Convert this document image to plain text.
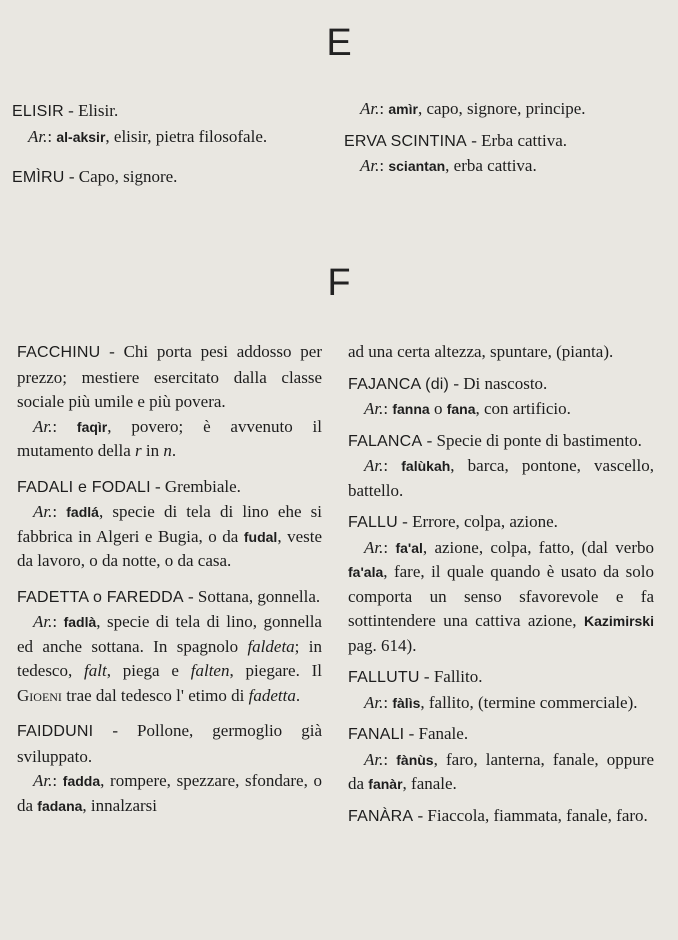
E

ELISIR - Elisir.

Ar.: al-aksir, elisir, pietra filosofale.

EMÌRU - Capo, signore.

Ar.: amìr, capo, signore, principe.

ERVA SCINTINA - Erba cattiva.

Ar.: sciantan, erba cattiva.

F

FACCHINU - Chi porta pesi addosso per prezzo; mestiere esercitato dalla classe sociale più umile e più povera.

Ar.: faqìr, povero; è avvenuto il mutamento della r in n.

FADALI e FODALI - Grembiale.

Ar.: fadlá, specie di tela di lino ehe si fabbrica in Algeri e Bugia, o da fudal, veste da lavoro, o da notte, o da casa.

FADETTA o FAREDDA - Sottana, gonnella.

Ar.: fadlà, specie di tela di lino, gonnella ed anche sottana. In spagnolo faldeta; in tedesco, falt, piega e falten, piegare. Il Gioeni trae dal tedesco l' etimo di fadetta.

FAIDDUNI - Pollone, germoglio già sviluppato.

Ar.: fadda, rompere, spezzare, sfondare, o da fadana, innalzarsi

ad una certa altezza, spuntare, (pianta).

FAJANCA (di) - Di nascosto.

Ar.: fanna o fana, con artificio.

FALANCA - Specie di ponte di bastimento.

Ar.: falùkah, barca, pontone, vascello, battello.

FALLU - Errore, colpa, azione.

Ar.: fa'al, azione, colpa, fatto, (dal verbo fa'ala, fare, il quale quando è usato da solo comporta un senso sfavorevole e fa sottintendere una cattiva azione, Kazimirski pag. 614).

FALLUTU - Fallito.

Ar.: fàlìs, fallito, (termine commerciale).

FANALI - Fanale.

Ar.: fànùs, faro, lanterna, fanale, oppure da fanàr, fanale.

FANÀRA - Fiaccola, fiammata, fanale, faro.
